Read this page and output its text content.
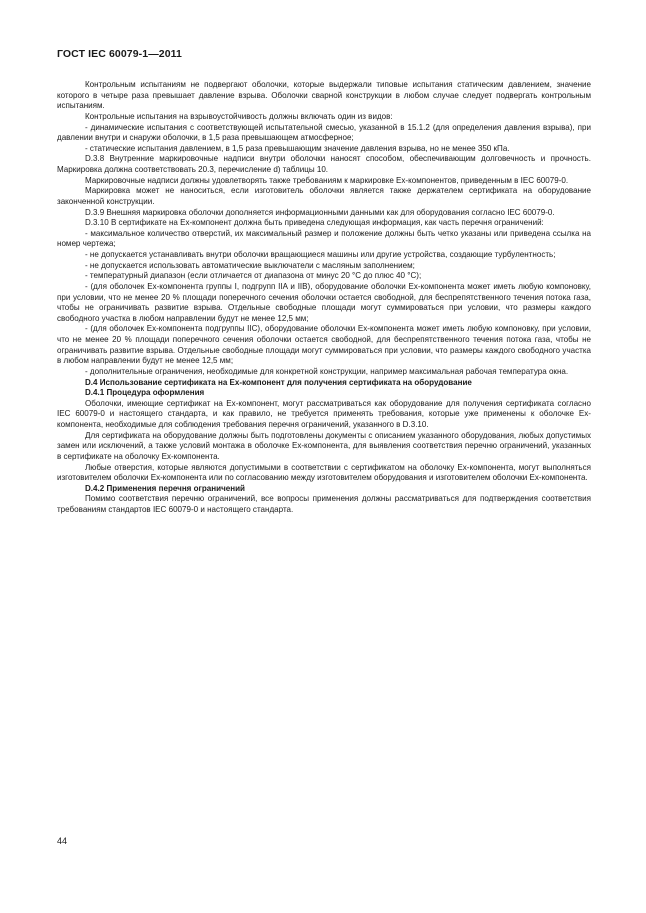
ГОСТ IEC 60079-1—2011

Контрольным испытаниям не подвергают оболочки, которые выдержали типовые испытания статическим давлением, значение которого в четыре раза превышает давление взрыва. Оболочки сварной конструкции в любом случае следует подвергать контрольным испытаниям.

Контрольные испытания на взрывоустойчивость должны включать один из видов:

- динамические испытания с соответствующей испытательной смесью, указанной в 15.1.2 (для определения давления взрыва), при давлении внутри и снаружи оболочки, в 1,5 раза превышающем атмосферное;

- статические испытания давлением, в 1,5 раза превышающим значение давления взрыва, но не менее 350 кПа.

D.3.8 Внутренние маркировочные надписи внутри оболочки наносят способом, обеспечивающим долговечность и прочность. Маркировка должна соответствовать 20.3, перечисление d) таблицы 10.

Маркировочные надписи должны удовлетворять также требованиям к маркировке Ex-компонентов, приведенным в IEC 60079-0.

Маркировка может не наноситься, если изготовитель оболочки является также держателем сертификата на оборудование законченной конструкции.

D.3.9 Внешняя маркировка оболочки дополняется информационными данными как для оборудования согласно IEC 60079-0.

D.3.10 В сертификате на Ex-компонент должна быть приведена следующая информация, как часть перечня ограничений:

- максимальное количество отверстий, их максимальный размер и положение должны быть четко указаны или приведена ссылка на номер чертежа;

- не допускается устанавливать внутри оболочки вращающиеся машины или другие устройства, создающие турбулентность;

- не допускается использовать автоматические выключатели с масляным заполнением;

- температурный диапазон (если отличается от диапазона от минус 20 °С до плюс 40 °С);

- (для оболочек Ex-компонента группы I, подгрупп IIA и IIB), оборудование оболочки Ex-компонента может иметь любую компоновку, при условии, что не менее 20 % площади поперечного сечения оболочки остается свободной, для беспрепятственного течения потока газа, чтобы не ограничивать развитие взрыва. Отдельные свободные площади могут суммироваться при условии, что размеры каждого свободного участка в любом направлении будут не менее 12,5 мм;

- (для оболочек Ex-компонента подгруппы IIC), оборудование оболочки Ex-компонента может иметь любую компоновку, при условии, что не менее 20 % площади поперечного сечения оболочки остается свободной, для беспрепятственного течения потока газа, чтобы не ограничивать развитие взрыва. Отдельные свободные площади могут суммироваться при условии, что размеры каждого свободного участка в любом направлении будут не менее 12,5 мм;

- дополнительные ограничения, необходимые для конкретной конструкции, например максимальная рабочая температура окна.

D.4 Использование сертификата на Ex-компонент для получения сертификата на оборудование

D.4.1 Процедура оформления

Оболочки, имеющие сертификат на Ex-компонент, могут рассматриваться как оборудование для получения сертификата согласно IEC 60079-0 и настоящего стандарта, и как правило, не требуется применять требования, которые уже применены к оболочке Ex-компонента, необходимые для соблюдения требования перечня ограничений, указанного в D.3.10.

Для сертификата на оборудование должны быть подготовлены документы с описанием указанного оборудования, любых допустимых замен или исключений, а также условий монтажа в оболочке Ex-компонента, для выявления соответствия перечню ограничений, указанных в сертификате на оболочку Ex-компонента.

Любые отверстия, которые являются допустимыми в соответствии с сертификатом на оболочку Ex-компонента, могут выполняться изготовителем оболочки Ex-компонента или по согласованию между изготовителем оборудования и изготовителем оболочки Ex-компонента.

D.4.2 Применения перечня ограничений

Помимо соответствия перечню ограничений, все вопросы применения должны рассматриваться для подтверждения соответствия требованиям стандартов IEC 60079-0 и настоящего стандарта.

44
